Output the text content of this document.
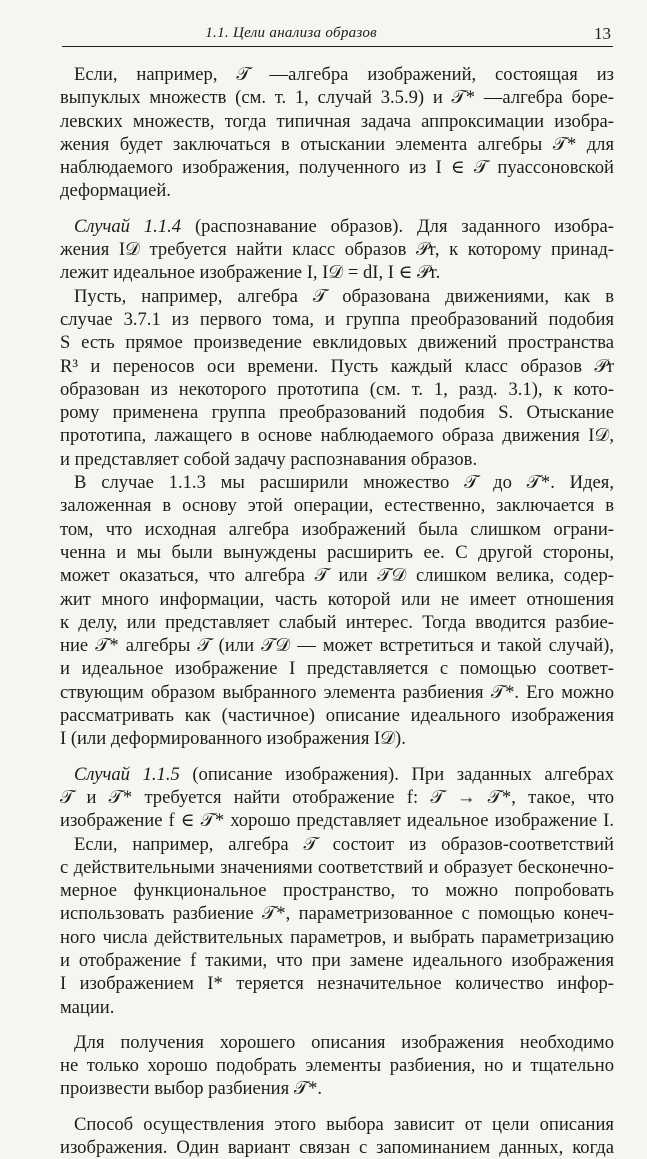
1.1. Цели анализа образов	13
Если, например, 𝒯 —алгебра изображений, состоящая из
выпуклых множеств (см. т. 1, случай 3.5.9) и 𝒯* —алгебра боре-
левских множеств, тогда типичная задача аппроксимации изобра-
жения будет заключаться в отыскании элемента алгебры 𝒯* для
наблюдаемого изображения, полученного из I ∈ 𝒯 пуассоновской
деформацией.
Случай 1.1.4 (распознавание образов). Для заданного изобра-
жения I𝒟 требуется найти класс образов 𝒫r, к которому принад-
лежит идеальное изображение I, I𝒟 = dI, I ∈ 𝒫r.
Пусть, например, алгебра 𝒯 образована движениями, как в
случае 3.7.1 из первого тома, и группа преобразований подобия
S есть прямое произведение евклидовых движений пространства
R³ и переносов оси времени. Пусть каждый класс образов 𝒫r
образован из некоторого прототипа (см. т. 1, разд. 3.1), к кото-
рому применена группа преобразований подобия S. Отыскание
прототипа, лажащего в основе наблюдаемого образа движения I𝒟,
и представляет собой задачу распознавания образов.
В случае 1.1.3 мы расширили множество 𝒯 до 𝒯*. Идея,
заложенная в основу этой операции, естественно, заключается в
том, что исходная алгебра изображений была слишком ограни-
ченна и мы были вынуждены расширить ее. С другой стороны,
может оказаться, что алгебра 𝒯 или 𝒯𝒟 слишком велика, содер-
жит много информации, часть которой или не имеет отношения
к делу, или представляет слабый интерес. Тогда вводится разбие-
ние 𝒯* алгебры 𝒯 (или 𝒯𝒟 — может встретиться и такой случай),
и идеальное изображение I представляется с помощью соответ-
ствующим образом выбранного элемента разбиения 𝒯*. Его можно
рассматривать как (частичное) описание идеального изображения
I (или деформированного изображения I𝒟).
Случай 1.1.5 (описание изображения). При заданных алгебрах
𝒯 и 𝒯* требуется найти отображение f: 𝒯 → 𝒯*, такое, что
изображение f ∈ 𝒯* хорошо представляет идеальное изображение I.
Если, например, алгебра 𝒯 состоит из образов-соответствий
с действительными значениями соответствий и образует бесконечно-
мерное функциональное пространство, то можно попробовать
использовать разбиение 𝒯*, параметризованное с помощью конеч-
ного числа действительных параметров, и выбрать параметризацию
и отображение f такими, что при замене идеального изображения
I изображением I* теряется незначительное количество инфор-
мации.
Для получения хорошего описания изображения необходимо
не только хорошо подобрать элементы разбиения, но и тщательно
произвести выбор разбиения 𝒯*.
Способ осуществления этого выбора зависит от цели описания
изображения. Один вариант связан с запоминанием данных, когда
